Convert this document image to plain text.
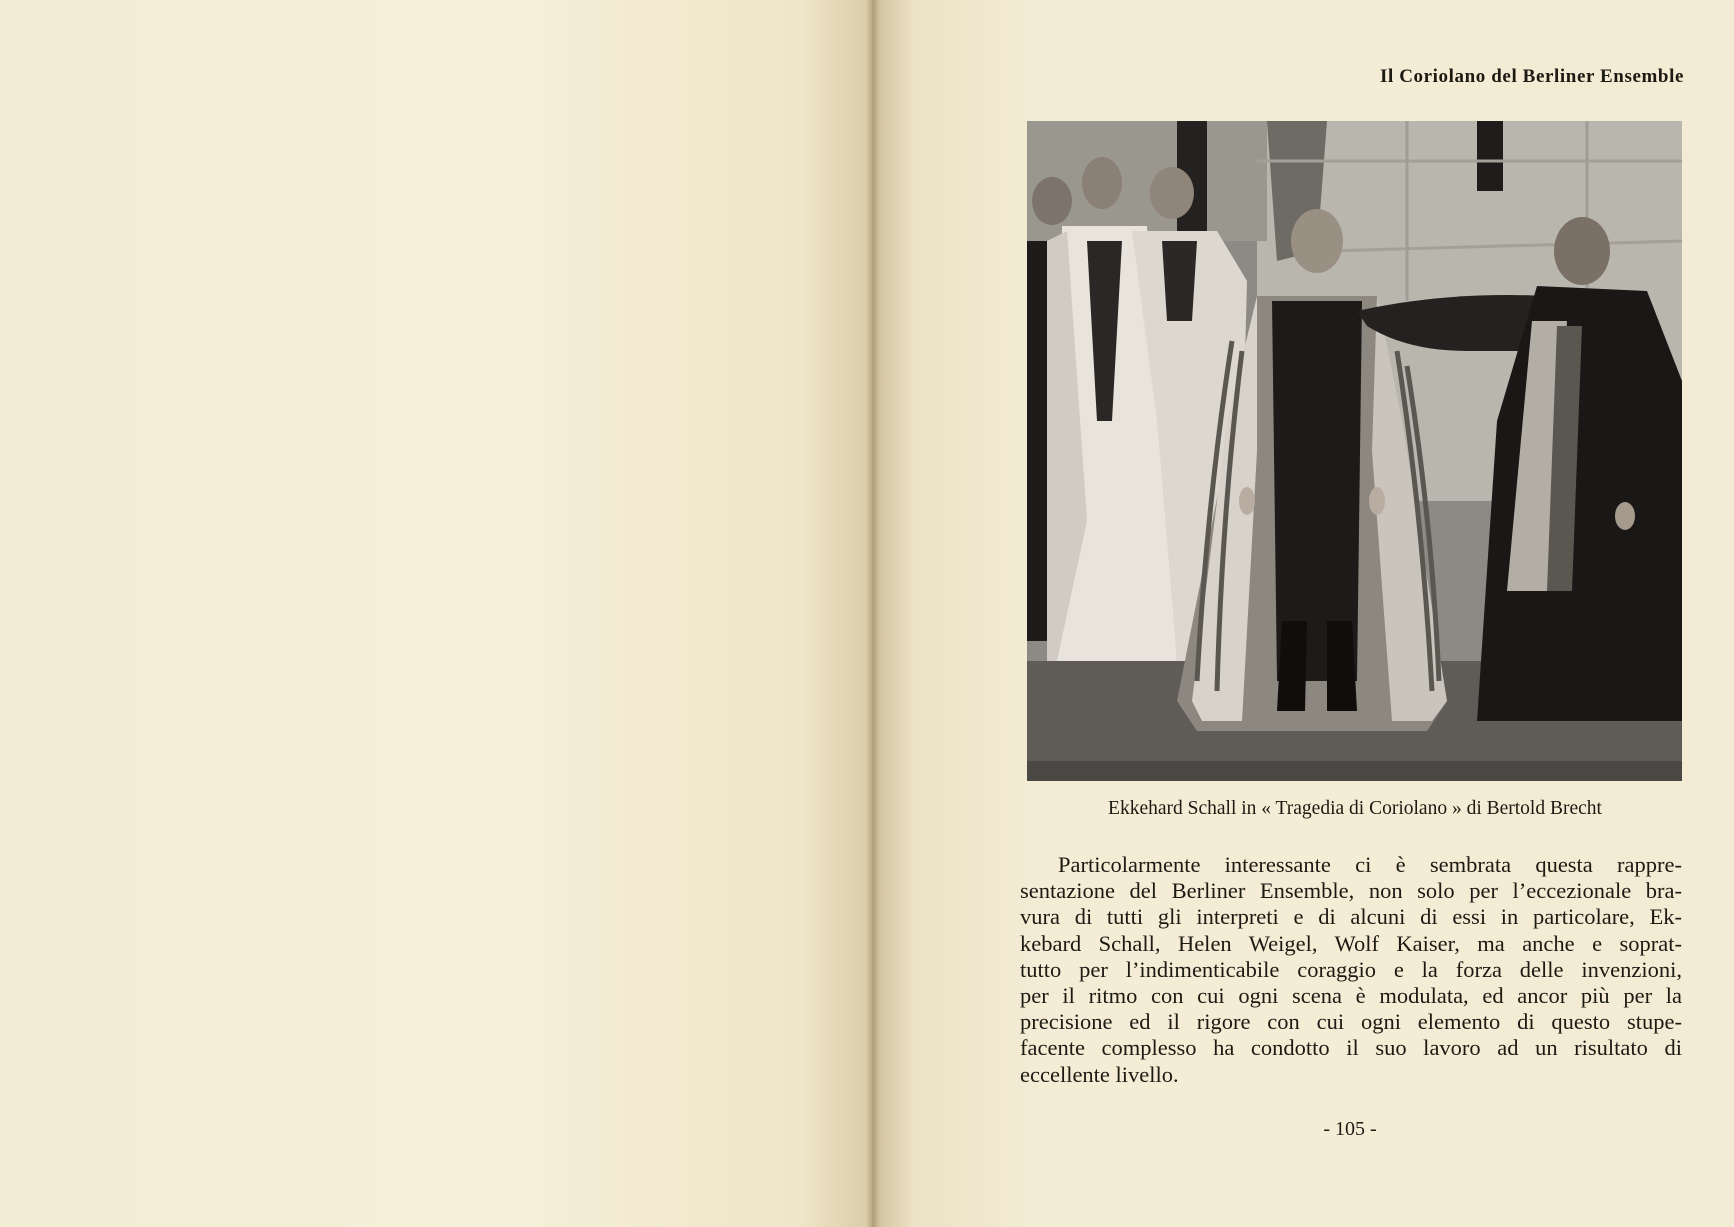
Il Coriolano del Berliner Ensemble
Ekkehard Schall in « Tragedia di Coriolano » di Bertold Brecht
Particolarmente interessante ci è sembrata questa rappre-
sentazione del Berliner Ensemble, non solo per l’eccezionale bra-
vura di tutti gli interpreti e di alcuni di essi in particolare, Ek-
kebard Schall, Helen Weigel, Wolf Kaiser, ma anche e soprat-
tutto per l’indimenticabile coraggio e la forza delle invenzioni,
per il ritmo con cui ogni scena è modulata, ed ancor più per la
precisione ed il rigore con cui ogni elemento di questo stupe-
facente complesso ha condotto il suo lavoro ad un risultato di
eccellente livello.
- 105 -
